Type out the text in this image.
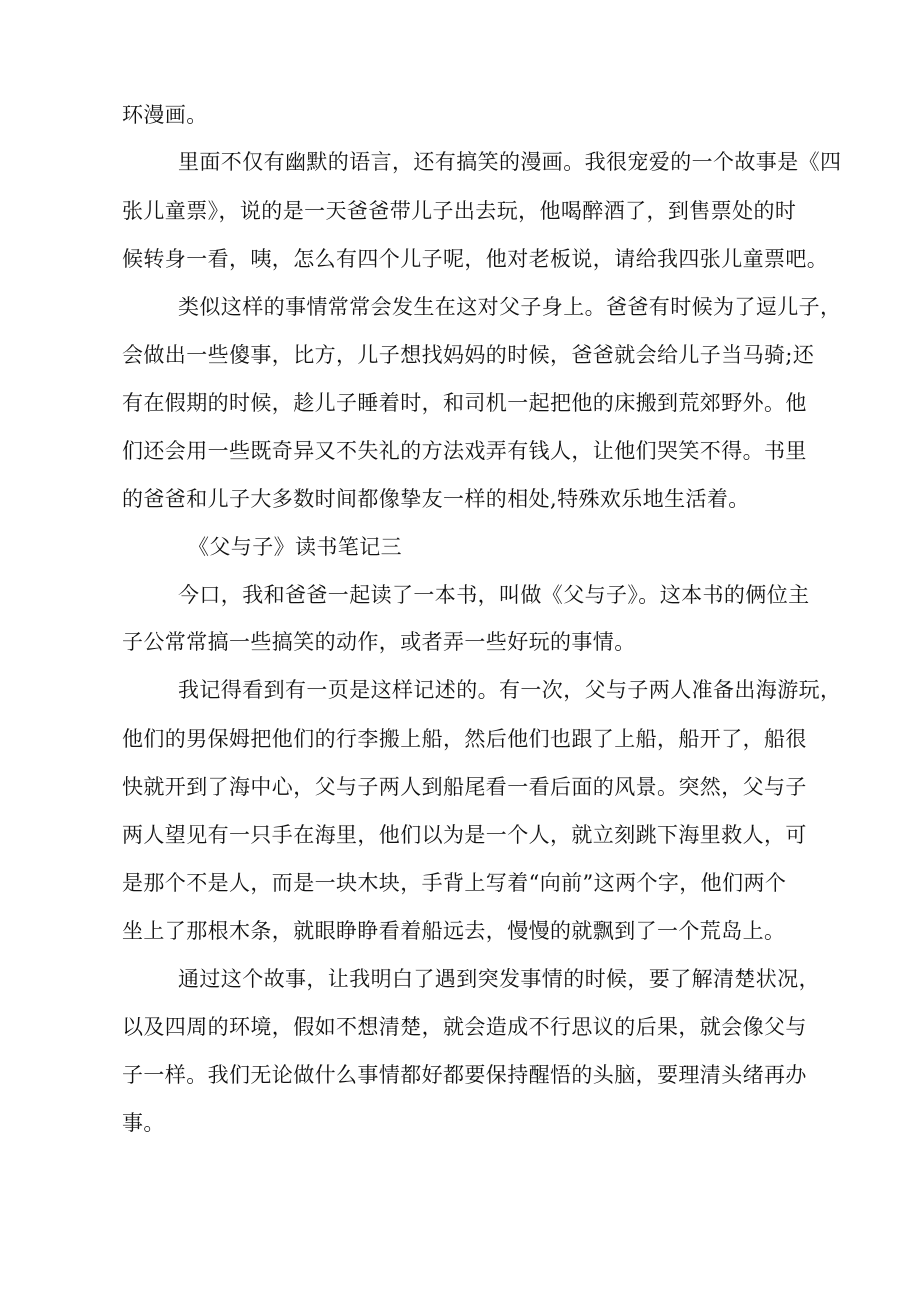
环漫画。
里面不仅有幽默的语言，还有搞笑的漫画。我很宠爱的一个故事是《四
张儿童票》，说的是一天爸爸带儿子出去玩，他喝醉酒了，到售票处的时
候转身一看，咦，怎么有四个儿子呢，他对老板说，请给我四张儿童票吧。
类似这样的事情常常会发生在这对父子身上。爸爸有时候为了逗儿子，
会做出一些傻事，比方，儿子想找妈妈的时候，爸爸就会给儿子当马骑;还
有在假期的时候，趁儿子睡着时，和司机一起把他的床搬到荒郊野外。他
们还会用一些既奇异又不失礼的方法戏弄有钱人，让他们哭笑不得。书里
的爸爸和儿子大多数时间都像挚友一样的相处,特殊欢乐地生活着。
《父与子》读书笔记三
今口，我和爸爸一起读了一本书，叫做《父与子》。这本书的俩位主
子公常常搞一些搞笑的动作，或者弄一些好玩的事情。
我记得看到有一页是这样记述的。有一次，父与子两人准备出海游玩，
他们的男保姆把他们的行李搬上船，然后他们也跟了上船，船开了，船很
快就开到了海中心，父与子两人到船尾看一看后面的风景。突然，父与子
两人望见有一只手在海里，他们以为是一个人，就立刻跳下海里救人，可
是那个不是人，而是一块木块，手背上写着“向前”这两个字，他们两个
坐上了那根木条，就眼睁睁看着船远去，慢慢的就飘到了一个荒岛上。
通过这个故事，让我明白了遇到突发事情的时候，要了解清楚状况，
以及四周的环境，假如不想清楚，就会造成不行思议的后果，就会像父与
子一样。我们无论做什么事情都好都要保持醒悟的头脑，要理清头绪再办
事。
